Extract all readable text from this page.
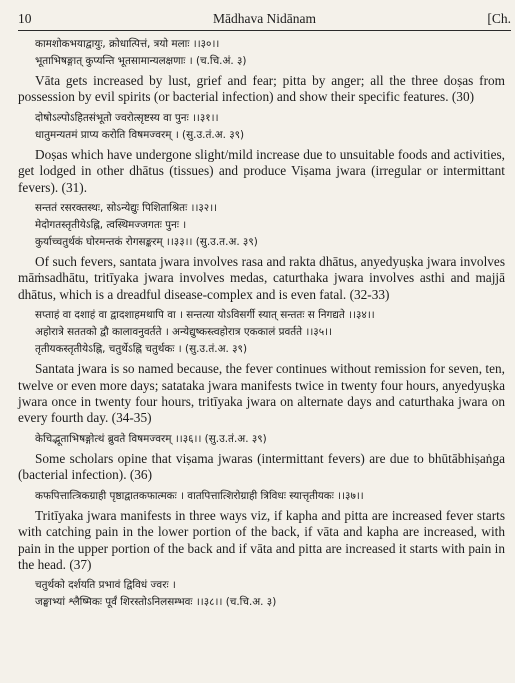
10	Mādhava Nidānam	[Ch.
कामशोकभयाद्वायुः, क्रोधात्पित्तं, त्रयो मलाः ।।३०।।
भूताभिषङ्गात् कुप्यन्ति भूतसामान्यलक्षणाः । (च.चि.अं. ३)

Vāta gets increased by lust, grief and fear; pitta by anger; all the three doṣas from possession by evil spirits (or bacterial infection) and show their specific features. (30)

दोषोऽल्पोऽहितसंभूतो ज्वरोत्सृष्टस्य वा पुनः ।।३१।।
धातुमन्यतमं प्राप्य करोति विषमज्वरम् । (सु.उ.तं.अ. ३९)

Doṣas which have undergone slight/mild increase due to unsuitable foods and activities, get lodged in other dhātus (tissues) and produce Viṣama jwara (irregular or intermittant fevers). (31).

सन्ततं रसरक्तस्थः, सोऽन्येद्युः पिशिताश्रितः ।।३२।।
मेदोगतस्तृतीयेऽह्नि, त्वस्थिमज्जगतः पुनः ।
कुर्याच्चतुर्थकं घोरमन्तकं रोगसङ्करम् ।।३३।। (सु.उ.त.अ. ३९)

Of such fevers, santata jwara involves rasa and rakta dhātus, anyedyuṣka jwara involves māṁsadhātu, tritīyaka jwara involves medas, caturthaka jwara involves asthi and majjā dhātus, which is a dreadful disease-complex and is even fatal. (32-33)

सप्ताहं वा दशाहं वा द्वादशाहमथापि वा । सन्तत्या योऽविसर्गी स्यात् सन्ततः स निगद्यते ।।३४।।
अहोरात्रे सततको द्वौ कालावनुवर्तते । अन्येद्युष्कस्त्वहोरात्र एककालं प्रवर्तते ।।३५।।
तृतीयकस्तृतीयेऽह्नि, चतुर्थेऽह्नि चतुर्थकः । (सु.उ.तं.अ. ३९)

Santata jwara is so named because, the fever continues without remission for seven, ten, twelve or even more days; satataka jwara manifests twice in twenty four hours, anyedyuṣka jwara once in twenty four hours, tritīyaka jwara on alternate days and caturthaka jwara on every fourth day. (34-35)

केचिद्भूताभिषङ्गोत्थं ब्रुवते विषमज्वरम् ।।३६।। (सु.उ.तं.अ. ३९)

Some scholars opine that viṣama jwaras (intermittant fevers) are due to bhūtābhiṣaṅga (bacterial infection). (36)

कफपित्तात्त्रिकग्राही पृष्ठाद्वातकफात्मकः । वातपित्तात्शिरोग्राही त्रिविधः स्यात्तृतीयकः ।।३७।।

Tritīyaka jwara manifests in three ways viz, if kapha and pitta are increased fever starts with catching pain in the lower portion of the back, if vāta and kapha are increased, with pain in the upper portion of the back and if vāta and pitta are increased it starts with pain in the head. (37)

चतुर्थको दर्शयति प्रभावं द्विविधं ज्वरः ।
जङ्घाभ्यां श्लैष्मिकः पूर्वं शिरस्तोऽनिलसम्भवः ।।३८।। (च.चि.अ. ३)
